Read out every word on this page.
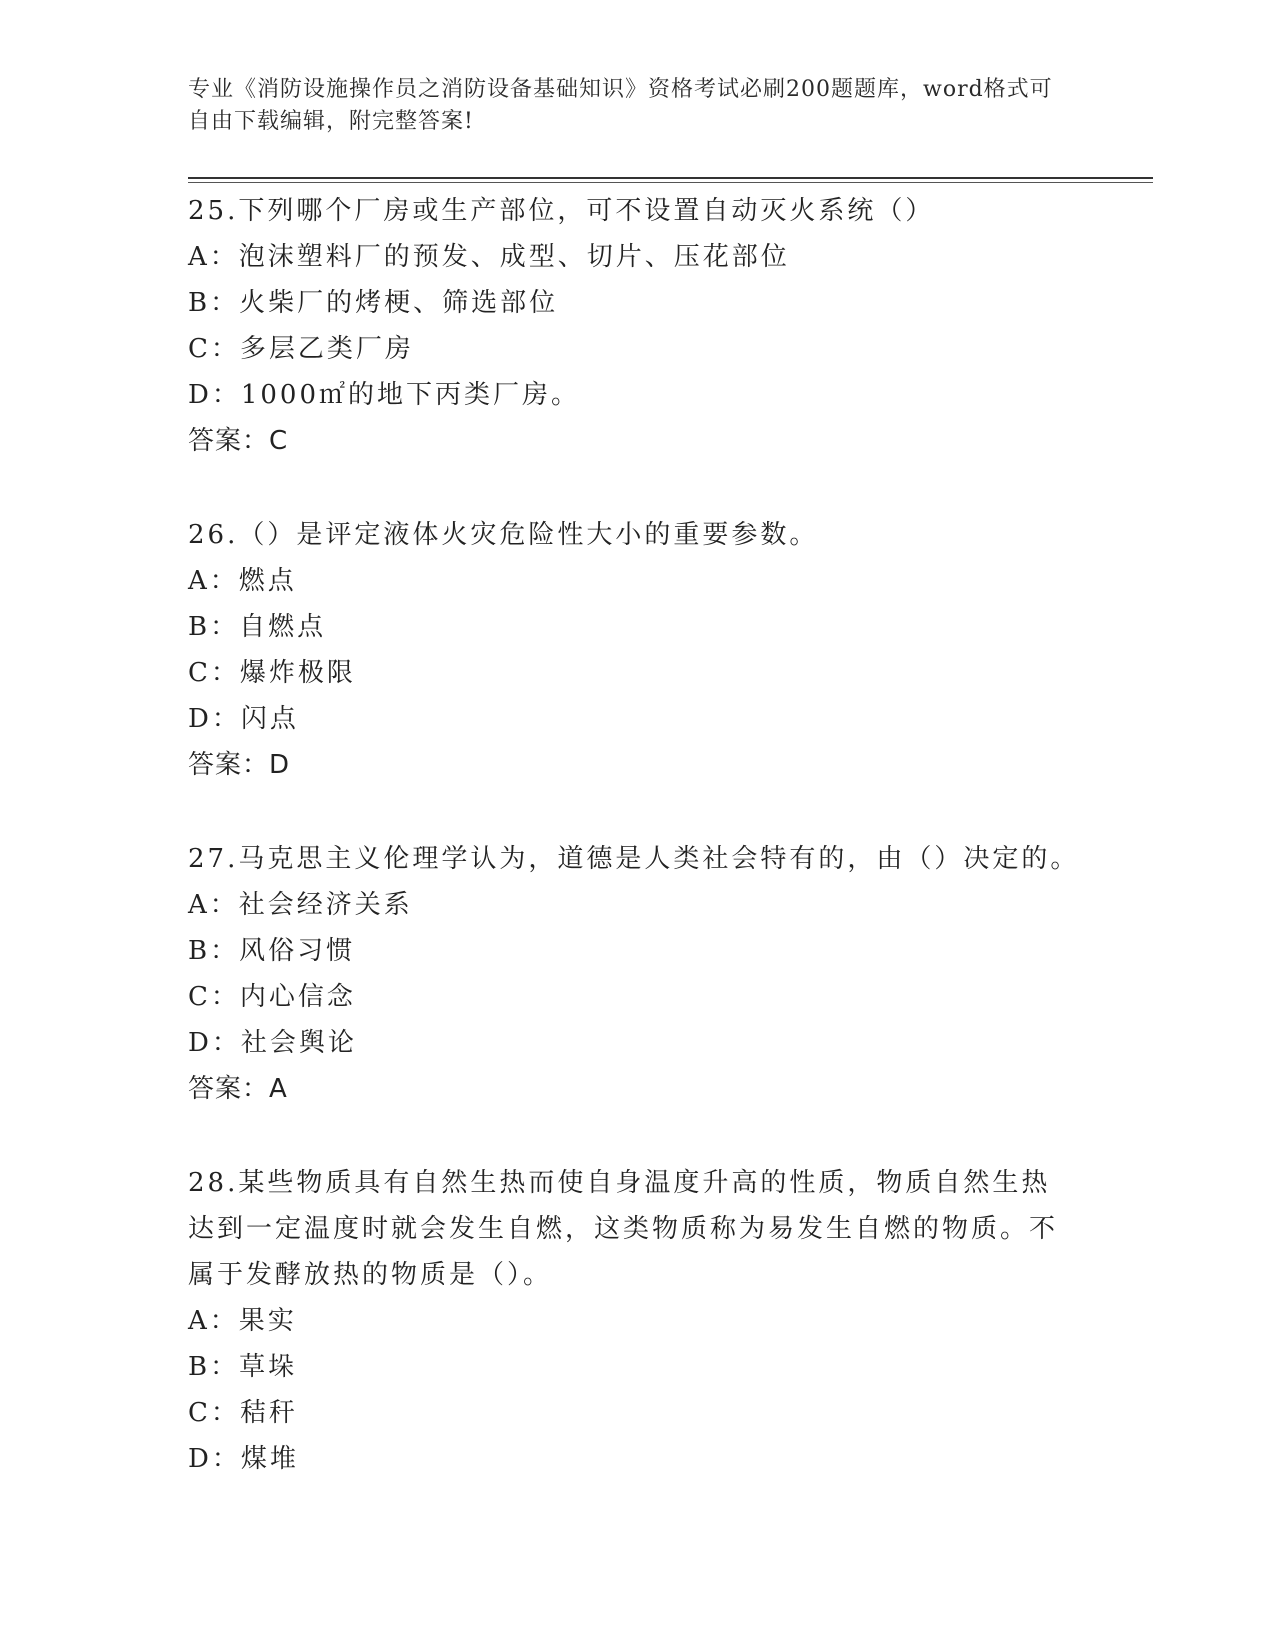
专业《消防设施操作员之消防设备基础知识》资格考试必刷200题题库，word格式可自由下载编辑，附完整答案!
25.下列哪个厂房或生产部位，可不设置自动灭火系统（）
A：泡沫塑料厂的预发、成型、切片、压花部位
B：火柴厂的烤梗、筛选部位
C：多层乙类厂房
D：1000㎡的地下丙类厂房。
答案：C
26.（）是评定液体火灾危险性大小的重要参数。
A：燃点
B：自燃点
C：爆炸极限
D：闪点
答案：D
27.马克思主义伦理学认为，道德是人类社会特有的，由（）决定的。
A：社会经济关系
B：风俗习惯
C：内心信念
D：社会舆论
答案：A
28.某些物质具有自然生热而使自身温度升高的性质，物质自然生热达到一定温度时就会发生自燃，这类物质称为易发生自燃的物质。不属于发酵放热的物质是（）。
A：果实
B：草垛
C：秸秆
D：煤堆
